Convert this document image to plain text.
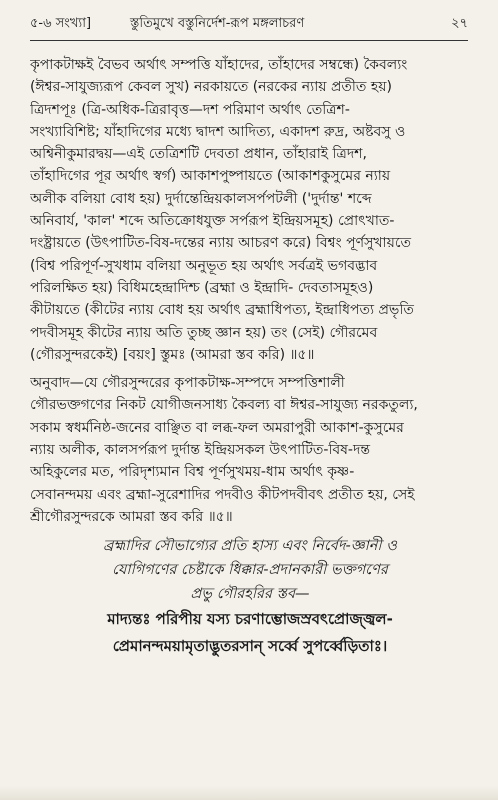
৫-৬ সংখ্যা]	স্তুতিমুখে বস্তুনির্দেশ-রূপ মঙ্গলাচরণ	২৭
কৃপাকটাক্ষই বৈভব অর্থাৎ সম্পত্তি যাঁহাদের, তাঁহাদের সম্বন্ধে) কৈবল্যং
(ঈশ্বর-সাযুজ্যরূপ কেবল সুখ) নরকায়তে (নরকের ন্যায় প্রতীত হয়)
ত্রিদশপূঃ (ত্রি-অধিক-ত্রিরাবৃত্ত—দশ পরিমাণ অর্থাৎ তেত্রিশ-
সংখ্যাবিশিষ্ট; যাঁহাদিগের মধ্যে দ্বাদশ আদিত্য, একাদশ রুদ্র, অষ্টবসু ও
অশ্বিনীকুমারদ্বয়—এই তেত্রিশটি দেবতা প্রধান, তাঁহারাই ত্রিদশ,
তাঁহাদিগের পূর অর্থাৎ স্বর্গ) আকাশপুষ্পায়তে (আকাশকুসুমের ন্যায়
অলীক বলিয়া বোধ হয়) দুর্দান্তেন্দ্রিয়কালসর্পপটলী ('দুর্দান্ত' শব্দে
অনিবার্য, 'কাল' শব্দে অতিক্রোধযুক্ত সর্পরূপ ইন্দ্রিয়সমূহ) প্রোৎখাত-
দংষ্ট্রায়তে (উৎপাটিত-বিষ-দন্তের ন্যায় আচরণ করে) বিশ্বং পূর্ণসুখায়তে
(বিশ্ব পরিপূর্ণ-সুখধাম বলিয়া অনুভূত হয় অর্থাৎ সর্বত্রই ভগবদ্ভাব
পরিলক্ষিত হয়) বিধিমহেন্দ্রাদিশ্চ (ব্রহ্মা ও ইন্দ্রাদি- দেবতাসমূহও)
কীটায়তে (কীটের ন্যায় বোধ হয় অর্থাৎ ব্রহ্মাধিপত্য, ইন্দ্রাধিপত্য প্রভৃতি
পদবীসমূহ কীটের ন্যায় অতি তুচ্ছ জ্ঞান হয়) তং (সেই) গৌরমেব
(গৌরসুন্দরকেই) [বয়ং] স্তুমঃ (আমরা স্তব করি) ॥৫॥
অনুবাদ—যে গৌরসুন্দরের কৃপাকটাক্ষ-সম্পদে সম্পত্তিশালী
গৌরভক্তগণের নিকট যোগীজনসাধ্য কৈবল্য বা ঈশ্বর-সাযুজ্য নরকতুল্য,
সকাম স্বধর্মনিষ্ঠ-জনের বাঞ্ছিত বা লব্ধ-ফল অমরাপুরী আকাশ-কুসুমের
ন্যায় অলীক, কালসর্পরূপ দুর্দান্ত ইন্দ্রিয়সকল উৎপাটিত-বিষ-দন্ত
অহিকুলের মত, পরিদৃশ্যমান বিশ্ব পূর্ণসুখময়-ধাম অর্থাৎ কৃষ্ণ-
সেবানন্দময় এবং ব্রহ্মা-সুরেশাদির পদবীও কীটপদবীবৎ প্রতীত হয়, সেই
শ্রীগৌরসুন্দরকে আমরা স্তব করি ॥৫॥
ব্রহ্মাদির সৌভাগ্যের প্রতি হাস্য এবং নির্বেদ-জ্ঞানী ও
যোগিগণের চেষ্টাকে ধিক্কার-প্রদানকারী ভক্তগণের
প্রভু গৌরহরির স্তব—
মাদ্যন্তঃ পরিপীয় যস্য চরণাম্ভোজস্রবৎপ্রোজ্জ্বল-
প্রেমানন্দময়ামৃতাদ্ভুতরসান্ সর্ব্বে সুপর্ব্বেড়িতাঃ।
